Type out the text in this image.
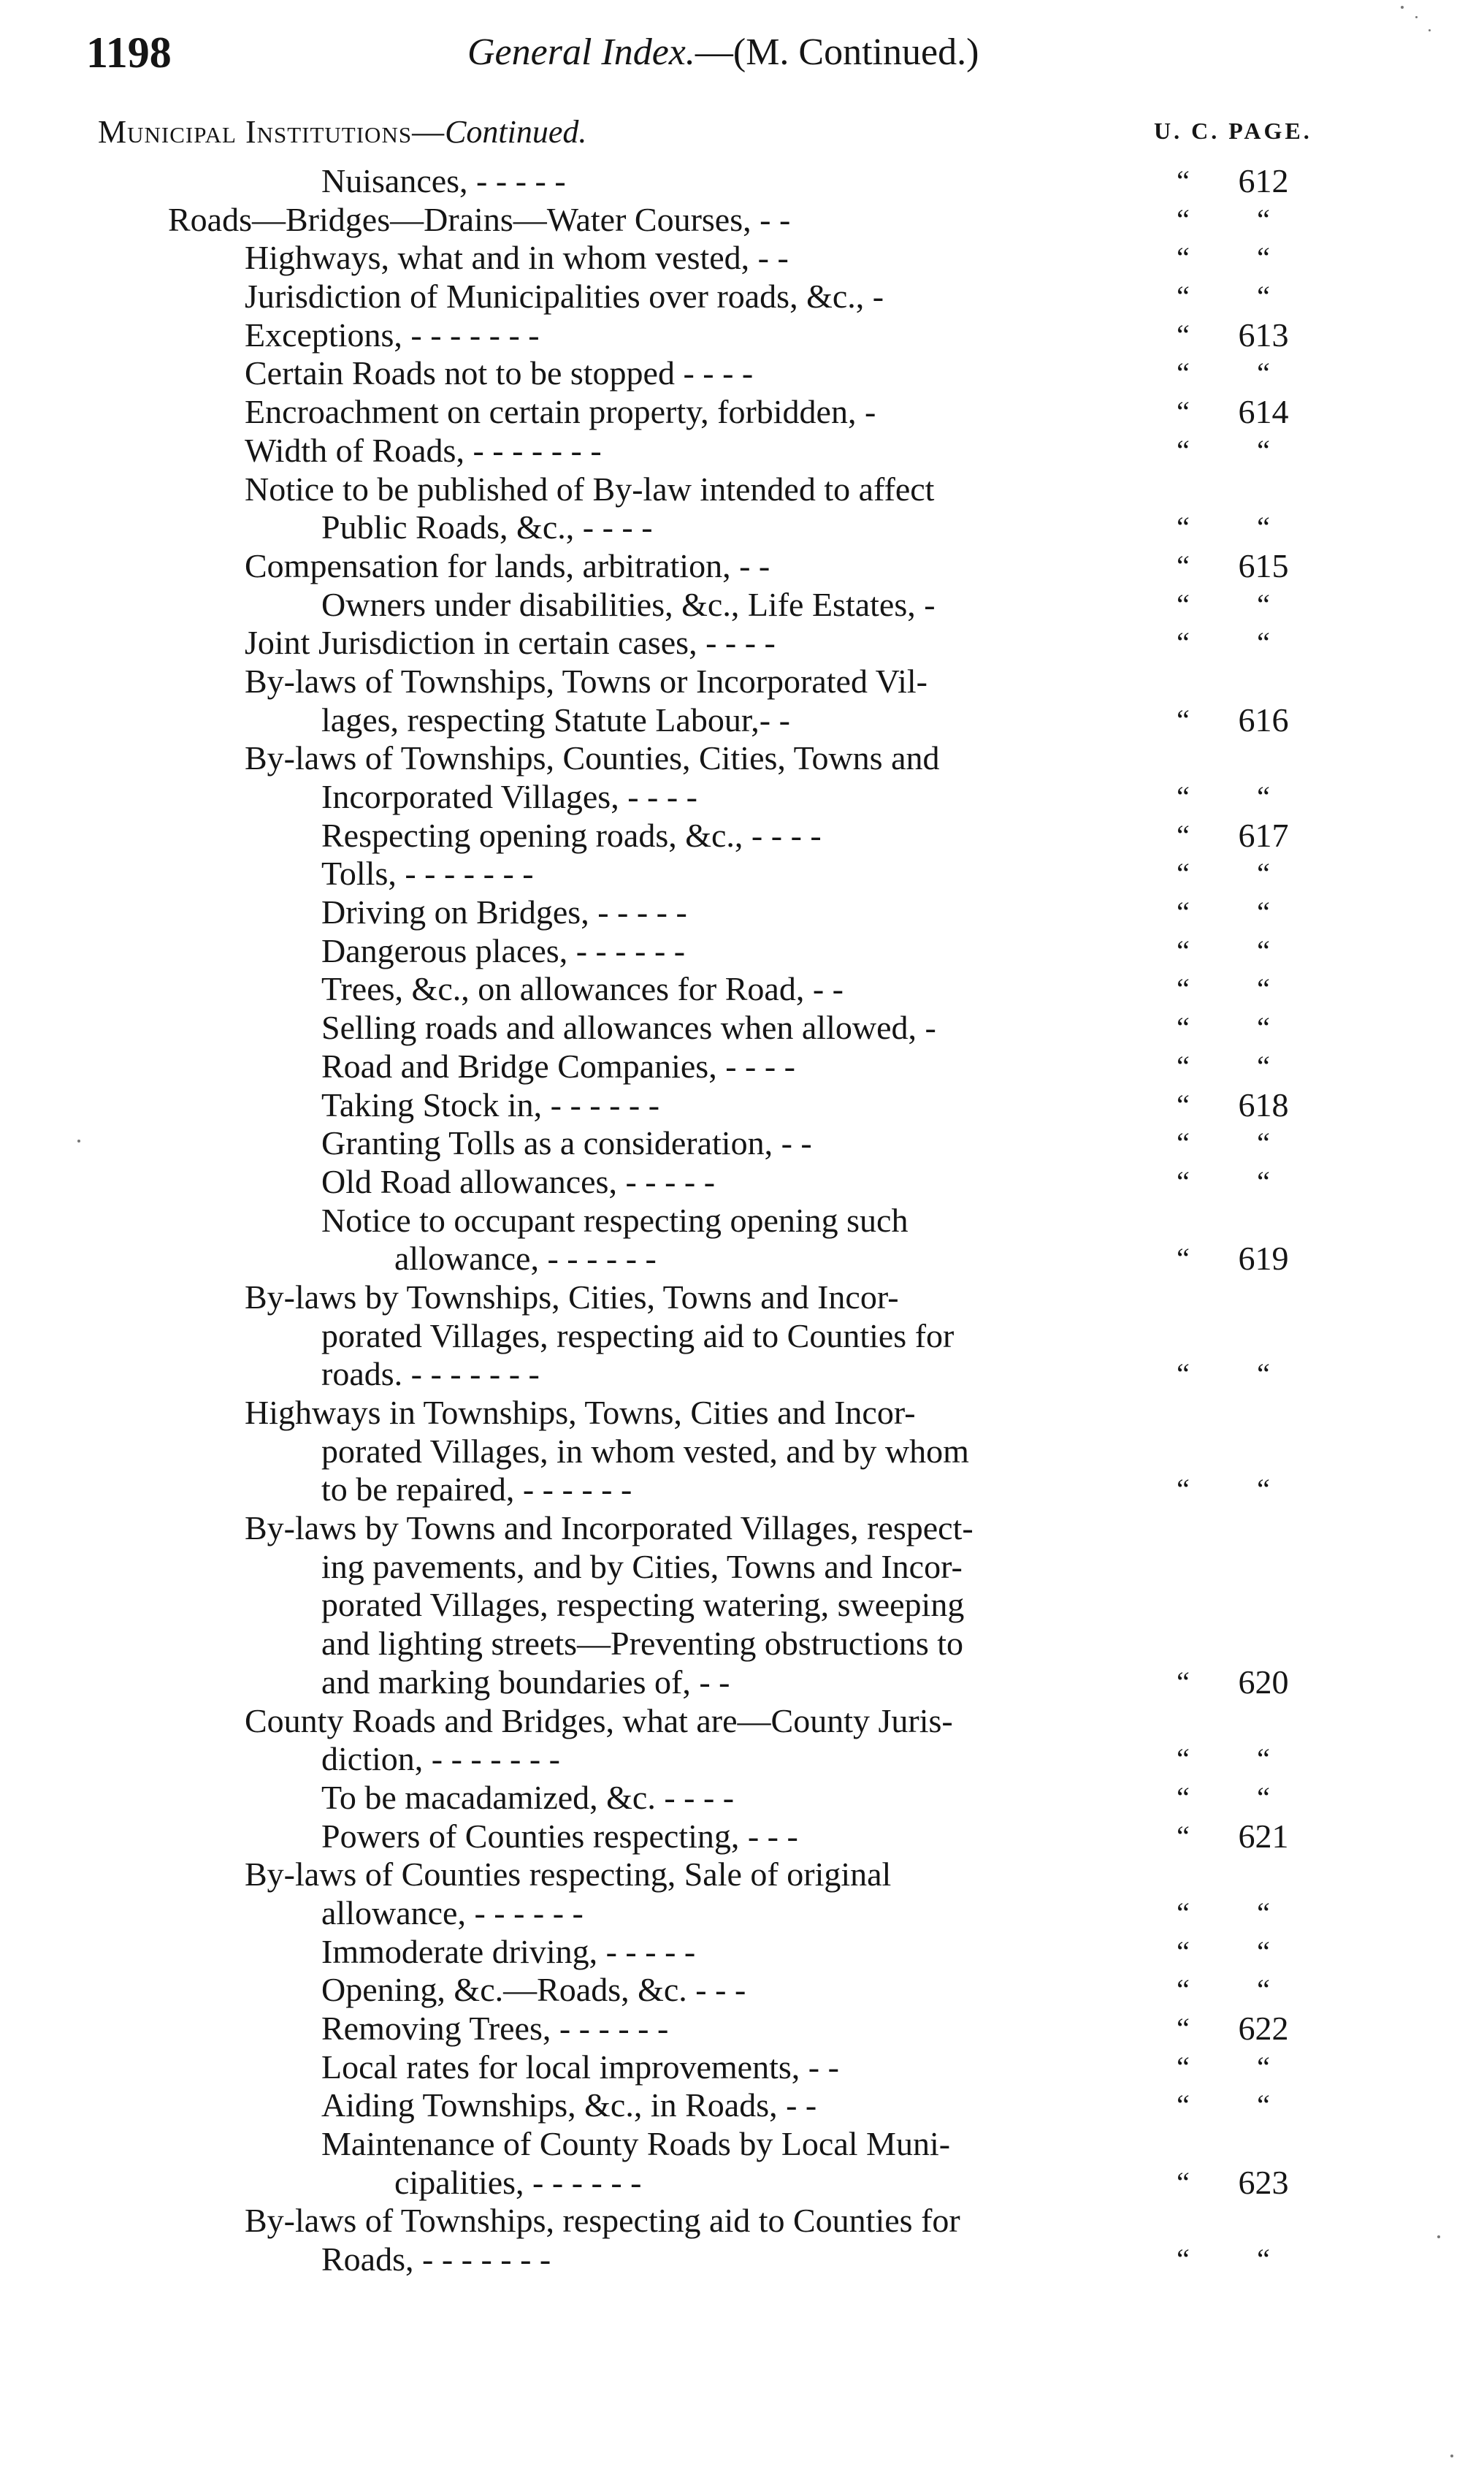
1198	General Index.—(M. Continued.)
Municipal Institutions—Continued.	U. C. PAGE.
Nuisances, - - - - -	“	612
Roads—Bridges—Drains—Water Courses, - -	“	“
Highways, what and in whom vested, - -	“	“
Jurisdiction of Municipalities over roads, &c., -	“	“
Exceptions, - - - - - - -	“	613
Certain Roads not to be stopped - - - -	“	“
Encroachment on certain property, forbidden, -	“	614
Width of Roads, - - - - - - -	“	“
Notice to be published of By-law intended to affect
Public Roads, &c., - - - -	“	“
Compensation for lands, arbitration, - -	“	615
Owners under disabilities, &c., Life Estates, -	“	“
Joint Jurisdiction in certain cases, - - - -	“	“
By-laws of Townships, Towns or Incorporated Vil-
lages, respecting Statute Labour,- -	“	616
By-laws of Townships, Counties, Cities, Towns and
Incorporated Villages, - - - -	“	“
Respecting opening roads, &c., - - - -	“	617
Tolls, - - - - - - -	“	“
Driving on Bridges, - - - - -	“	“
Dangerous places, - - - - - -	“	“
Trees, &c., on allowances for Road, - -	“	“
Selling roads and allowances when allowed, -	“	“
Road and Bridge Companies, - - - -	“	“
Taking Stock in, - - - - - -	“	618
Granting Tolls as a consideration, - -	“	“
Old Road allowances, - - - - -	“	“
Notice to occupant respecting opening such
allowance, - - - - - -	“	619
By-laws by Townships, Cities, Towns and Incor-
porated Villages, respecting aid to Counties for
roads. - - - - - - -	“	“
Highways in Townships, Towns, Cities and Incor-
porated Villages, in whom vested, and by whom
to be repaired, - - - - - -	“	“
By-laws by Towns and Incorporated Villages, respect-
ing pavements, and by Cities, Towns and Incor-
porated Villages, respecting watering, sweeping
and lighting streets—Preventing obstructions to
and marking boundaries of, - -	“	620
County Roads and Bridges, what are—County Juris-
diction, - - - - - - -	“	“
To be macadamized, &c. - - - -	“	“
Powers of Counties respecting, - - -	“	621
By-laws of Counties respecting, Sale of original
allowance, - - - - - -	“	“
Immoderate driving, - - - - -	“	“
Opening, &c.—Roads, &c. - - -	“	“
Removing Trees, - - - - - -	“	622
Local rates for local improvements, - -	“	“
Aiding Townships, &c., in Roads, - -	“	“
Maintenance of County Roads by Local Muni-
cipalities, - - - - - -	“	623
By-laws of Townships, respecting aid to Counties for
Roads, - - - - - - -	“	“
